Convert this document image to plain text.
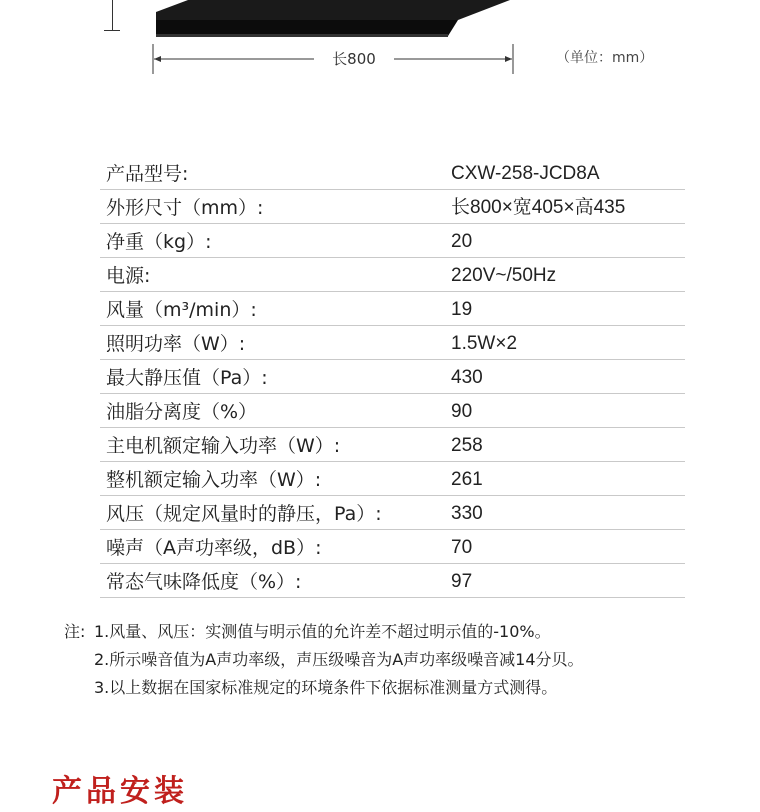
长800	（单位：mm）
产品型号:	CXW-258-JCD8A
外形尺寸（mm）:	长800×宽405×高435
净重（kg）:	20
电源:	220V~/50Hz
风量（m³/min）:	19
照明功率（W）:	1.5W×2
最大静压值（Pa）:	430
油脂分离度（%）	90
主电机额定输入功率（W）:	258
整机额定输入功率（W）:	261
风压（规定风量时的静压，Pa）:	330
噪声（A声功率级，dB）:	70
常态气味降低度（%）:	97
注: 1.风量、风压：实测值与明示值的允许差不超过明示值的-10%。
2.所示噪音值为A声功率级，声压级噪音为A声功率级噪音减14分贝。
3.以上数据在国家标准规定的环境条件下依据标准测量方式测得。
产品安装
